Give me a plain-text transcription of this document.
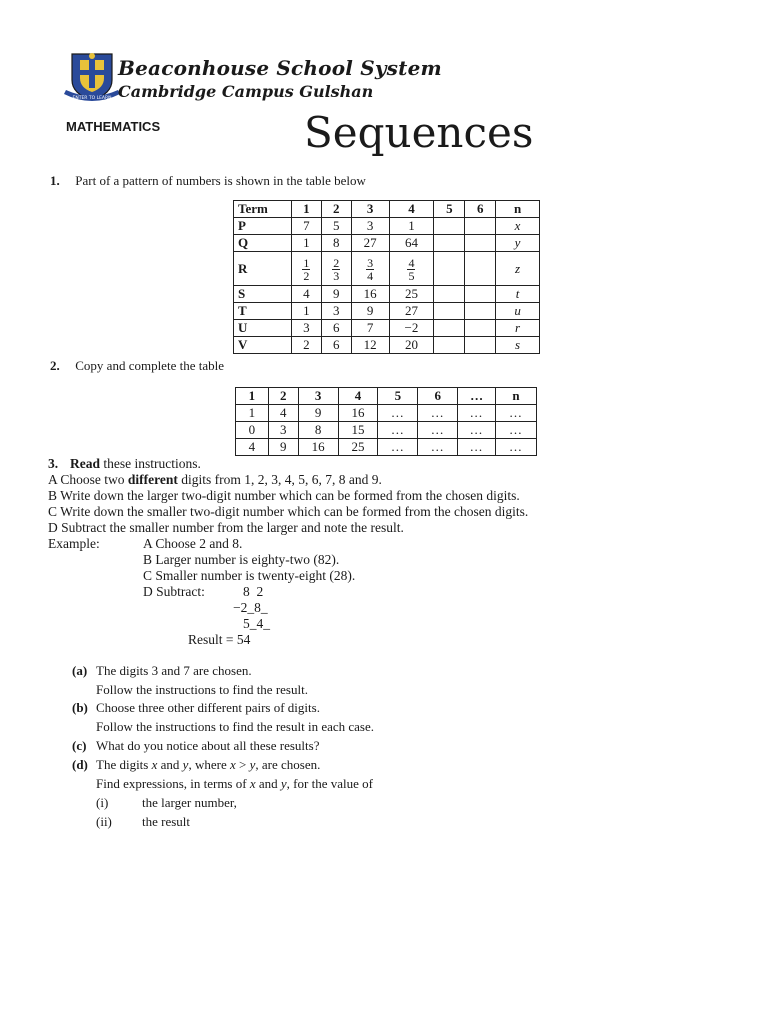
ENTER TO LEARN
Beaconhouse School System
Cambridge Campus Gulshan
MATHEMATICS	Sequences
1. Part of a pattern of numbers is shown in the table below
Term	1	2	3	4	5	6	n
P	7	5	3	1			x
Q	1	8	27	64			y
R	$\frac{1}{2}$	$\frac{2}{3}$	$\frac{3}{4}$	$\frac{4}{5}$			z
S	4	9	16	25			t
T	1	3	9	27			u
U	3	6	7	−2			r
V	2	6	12	20			s
2. Copy and complete the table
1	2	3	4	5	6	…	n
1	4	9	16	…	…	…	…
0	3	8	15	…	…	…	…
4	9	16	25	…	…	…	…
3. Read these instructions.
A Choose two different digits from 1, 2, 3, 4, 5, 6, 7, 8 and 9.
B Write down the larger two-digit number which can be formed from the chosen digits.
C Write down the smaller two-digit number which can be formed from the chosen digits.
D Subtract the smaller number from the larger and note the result.
Example:	A Choose 2 and 8.
B Larger number is eighty-two (82).
C Smaller number is twenty-eight (28).
D Subtract:	8  2
−2_8_
5_4_
Result = 54
(a) The digits 3 and 7 are chosen.
Follow the instructions to find the result.
(b) Choose three other different pairs of digits.
Follow the instructions to find the result in each case.
(c) What do you notice about all these results?
(d) The digits x and y, where x > y, are chosen.
Find expressions, in terms of x and y, for the value of
(i)	the larger number,
(ii) the result
